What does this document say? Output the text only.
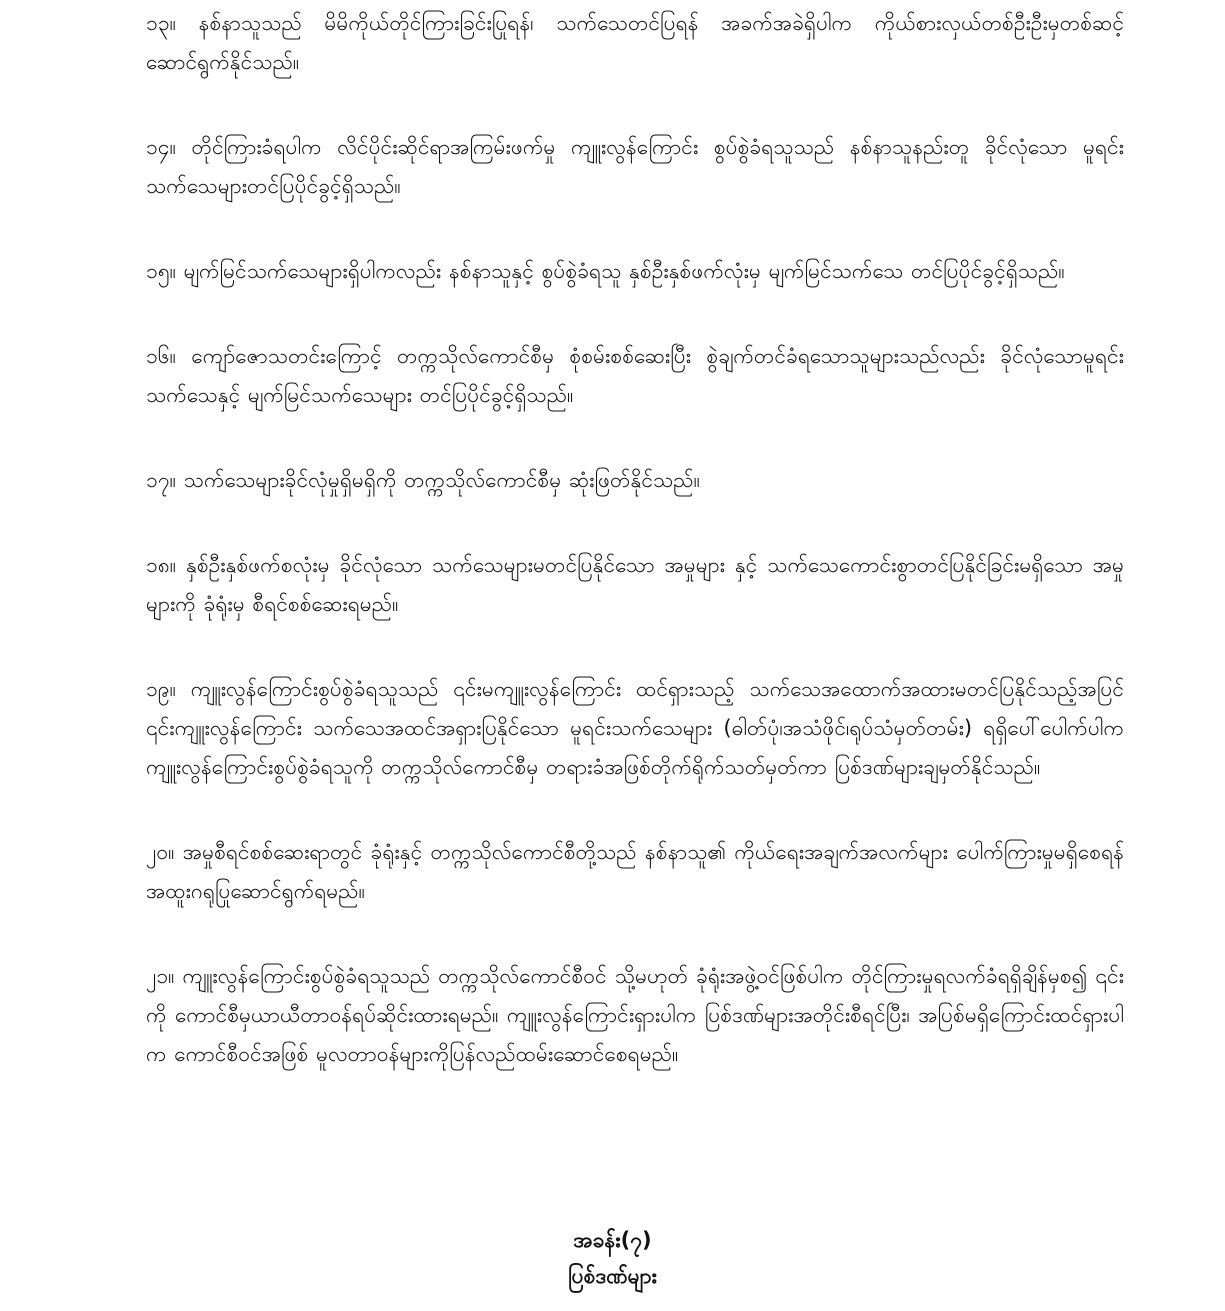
၁၃။ နစ်နာသူသည် မိမိကိုယ်တိုင်ကြားခြင်းပြုရန်၊ သက်သေတင်ပြရန် အခက်အခဲရှိပါက ကိုယ်စားလှယ်တစ်ဦးဦးမှတစ်ဆင့် ဆောင်ရွက်နိုင်သည်။

၁၄။ တိုင်ကြားခံရပါက လိင်ပိုင်းဆိုင်ရာအကြမ်းဖက်မှု ကျူးလွန်ကြောင်း စွပ်စွဲခံရသူသည် နစ်နာသူနည်းတူ ခိုင်လုံသော မူရင်းသက်သေများတင်ပြပိုင်ခွင့်ရှိသည်။

၁၅။ မျက်မြင်သက်သေများရှိပါကလည်း နစ်နာသူနှင့် စွပ်စွဲခံရသူ နှစ်ဦးနှစ်ဖက်လုံးမှ မျက်မြင်သက်သေ တင်ပြပိုင်ခွင့်ရှိသည်။

၁၆။ ကျော်ဇောသတင်းကြောင့် တက္ကသိုလ်ကောင်စီမှ စုံစမ်းစစ်ဆေးပြီး စွဲချက်တင်ခံရသောသူများသည်လည်း ခိုင်လုံသောမူရင်းသက်သေနှင့် မျက်မြင်သက်သေများ တင်ပြပိုင်ခွင့်ရှိသည်။

၁၇။ သက်သေများခိုင်လုံမှုရှိမရှိကို တက္ကသိုလ်ကောင်စီမှ ဆုံးဖြတ်နိုင်သည်။

၁၈။ နှစ်ဦးနှစ်ဖက်စလုံးမှ ခိုင်လုံသော သက်သေများမတင်ပြနိုင်သော အမှုများ နှင့် သက်သေကောင်းစွာတင်ပြနိုင်ခြင်းမရှိသော အမှုများကို ခုံရုံးမှ စီရင်စစ်ဆေးရမည်။

၁၉။ ကျူးလွန်ကြောင်းစွပ်စွဲခံရသူသည် ၎င်းမကျူးလွန်ကြောင်း ထင်ရှားသည့် သက်သေအထောက်အထားမတင်ပြနိုင်သည့်အပြင် ၎င်းကျူးလွန်ကြောင်း သက်သေအထင်အရှားပြနိုင်သော မူရင်းသက်သေများ (ဓါတ်ပုံ၊အသံဖိုင်၊ရုပ်သံမှတ်တမ်း) ရရှိပေါ်ပေါက်ပါက ကျူးလွန်ကြောင်းစွပ်စွဲခံရသူကို တက္ကသိုလ်ကောင်စီမှ တရားခံအဖြစ်တိုက်ရိုက်သတ်မှတ်ကာ ပြစ်ဒဏ်များချမှတ်နိုင်သည်။

၂၀။ အမှုစီရင်စစ်ဆေးရာတွင် ခုံရုံးနှင့် တက္ကသိုလ်ကောင်စီတို့သည် နစ်နာသူ၏ ကိုယ်ရေးအချက်အလက်များ ပေါက်ကြားမှုမရှိစေရန် အထူးဂရုပြုဆောင်ရွက်ရမည်။

၂၁။ ကျူးလွန်ကြောင်းစွပ်စွဲခံရသူသည် တက္ကသိုလ်ကောင်စီဝင် သို့မဟုတ် ခုံရုံးအဖွဲ့ဝင်ဖြစ်ပါက တိုင်ကြားမှုရလက်ခံရရှိချိန်မှစ၍ ၎င်းကို ကောင်စီမှယာယီတာဝန်ရပ်ဆိုင်းထားရမည်။ ကျူးလွန်ကြောင်းရှားပါက ပြစ်ဒဏ်များအတိုင်းစီရင်ပြီး၊ အပြစ်မရှိကြောင်းထင်ရှားပါက ကောင်စီဝင်အဖြစ် မူလတာဝန်များကိုပြန်လည်ထမ်းဆောင်စေရမည်။

အခန်း(၇)
ပြစ်ဒဏ်များ
